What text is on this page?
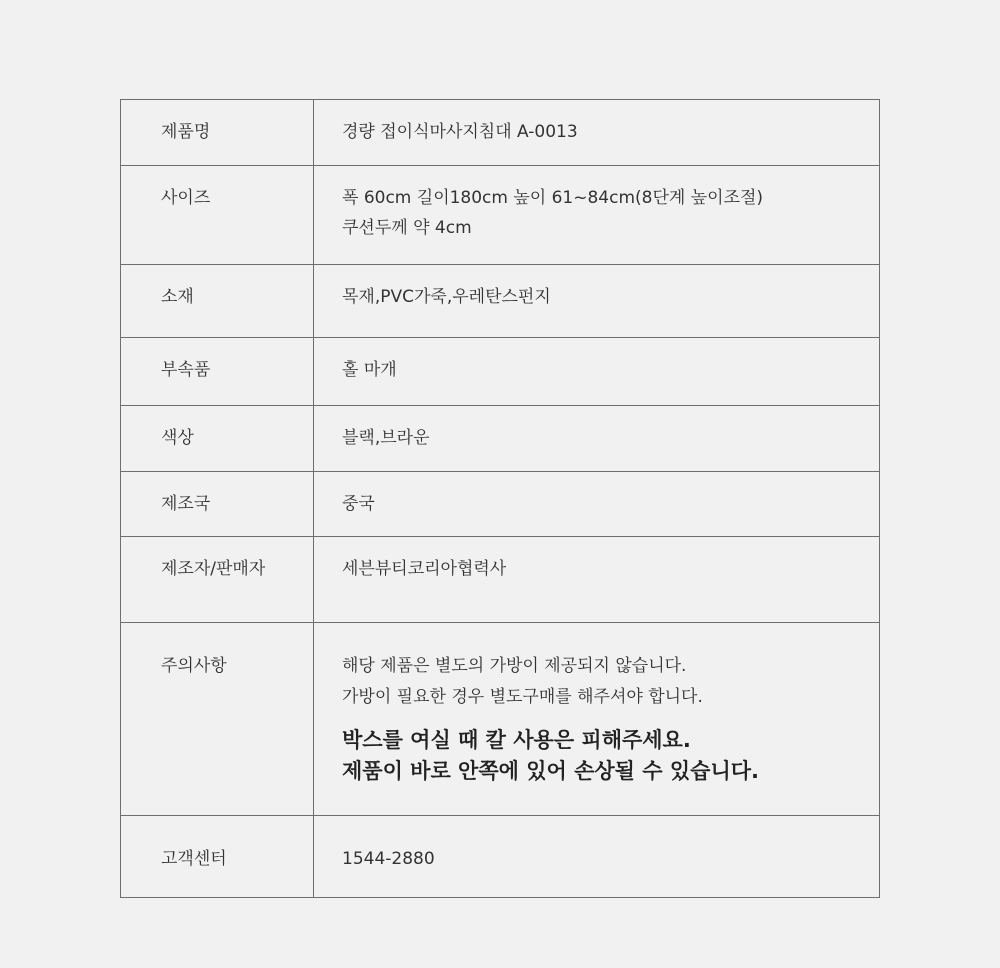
제품명	경량 접이식마사지침대 A-0013

사이즈	폭 60cm 길이180cm 높이 61~84cm(8단계 높이조절)
쿠션두께 약 4cm

소재	목재,PVC가죽,우레탄스펀지

부속품	홀 마개

색상	블랙,브라운

제조국	중국

제조자/판매자	세븐뷰티코리아협력사

주의사항	해당 제품은 별도의 가방이 제공되지 않습니다.
가방이 필요한 경우 별도구매를 해주셔야 합니다.
박스를 여실 때 칼 사용은 피해주세요.
제품이 바로 안쪽에 있어 손상될 수 있습니다.

고객센터	1544-2880
